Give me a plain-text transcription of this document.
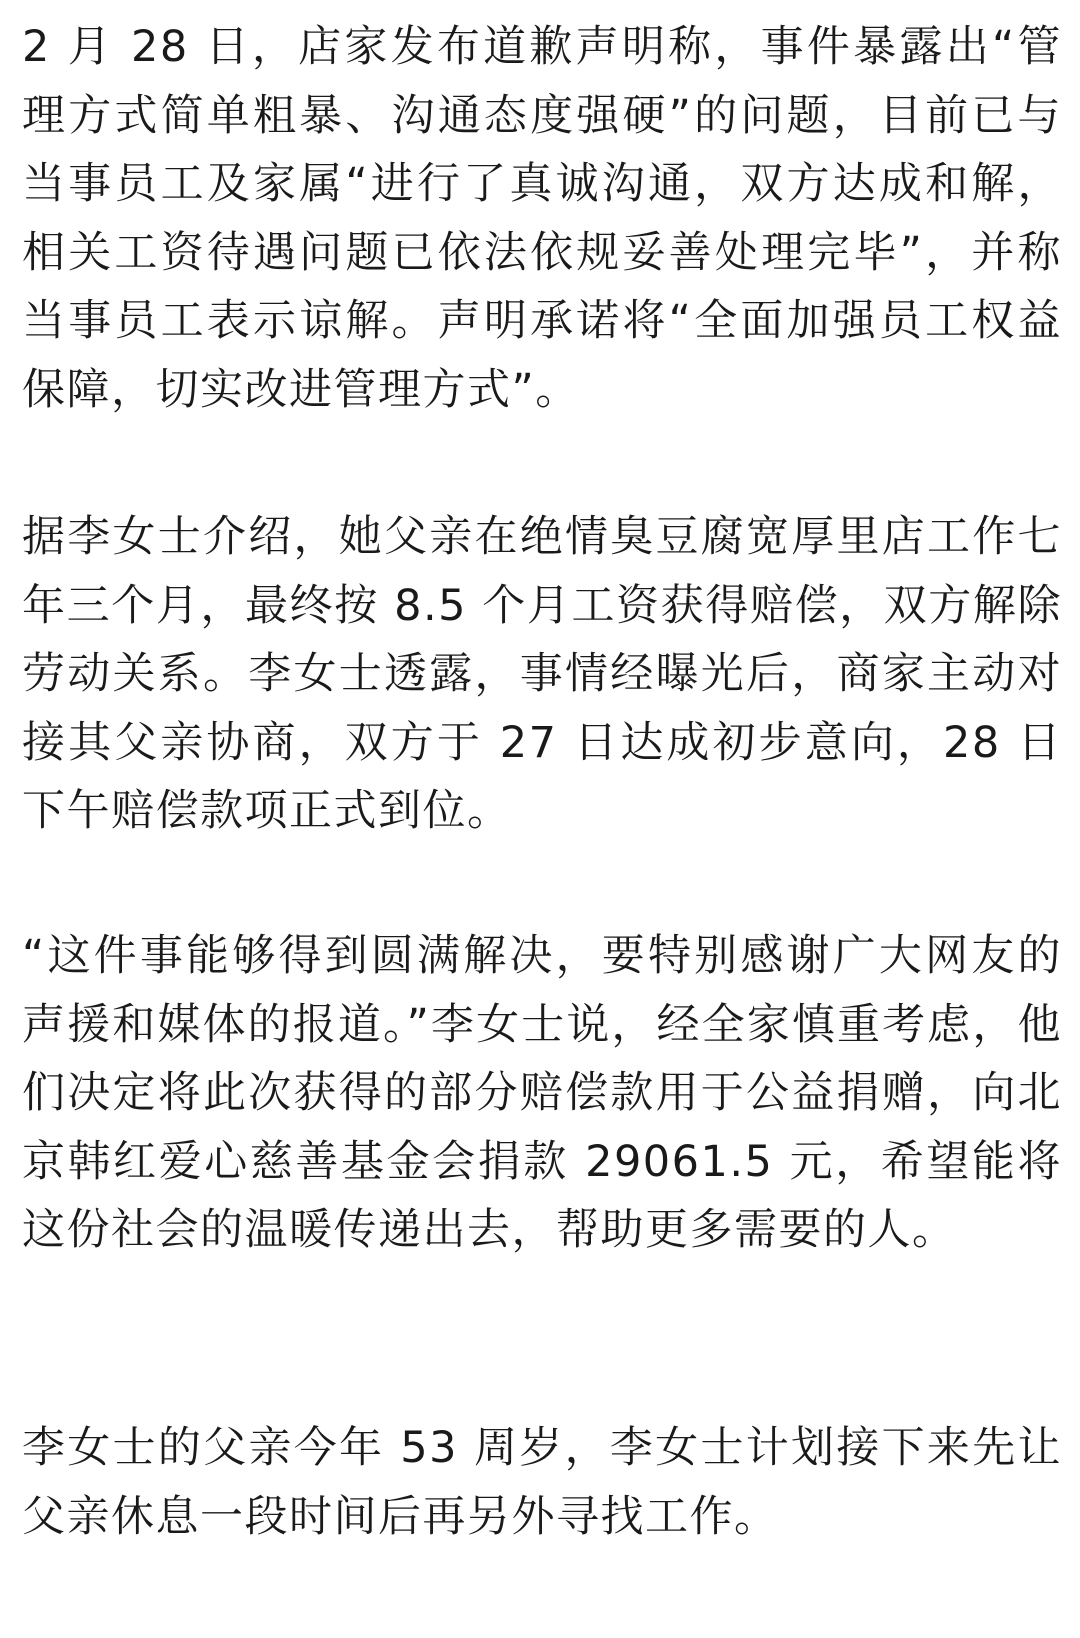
2 月 28 日，店家发布道歉声明称，事件暴露出“管理方式简单粗暴、沟通态度强硬”的问题，目前已与当事员工及家属“进行了真诚沟通，双方达成和解，相关工资待遇问题已依法依规妥善处理完毕”，并称当事员工表示谅解。声明承诺将“全面加强员工权益保障，切实改进管理方式”。

据李女士介绍，她父亲在绝情臭豆腐宽厚里店工作七年三个月，最终按 8.5 个月工资获得赔偿，双方解除劳动关系。李女士透露，事情经曝光后，商家主动对接其父亲协商，双方于 27 日达成初步意向，28 日下午赔偿款项正式到位。

“这件事能够得到圆满解决，要特别感谢广大网友的声援和媒体的报道。”李女士说，经全家慎重考虑，他们决定将此次获得的部分赔偿款用于公益捐赠，向北京韩红爱心慈善基金会捐款 29061.5 元，希望能将这份社会的温暖传递出去，帮助更多需要的人。

李女士的父亲今年 53 周岁，李女士计划接下来先让父亲休息一段时间后再另外寻找工作。
